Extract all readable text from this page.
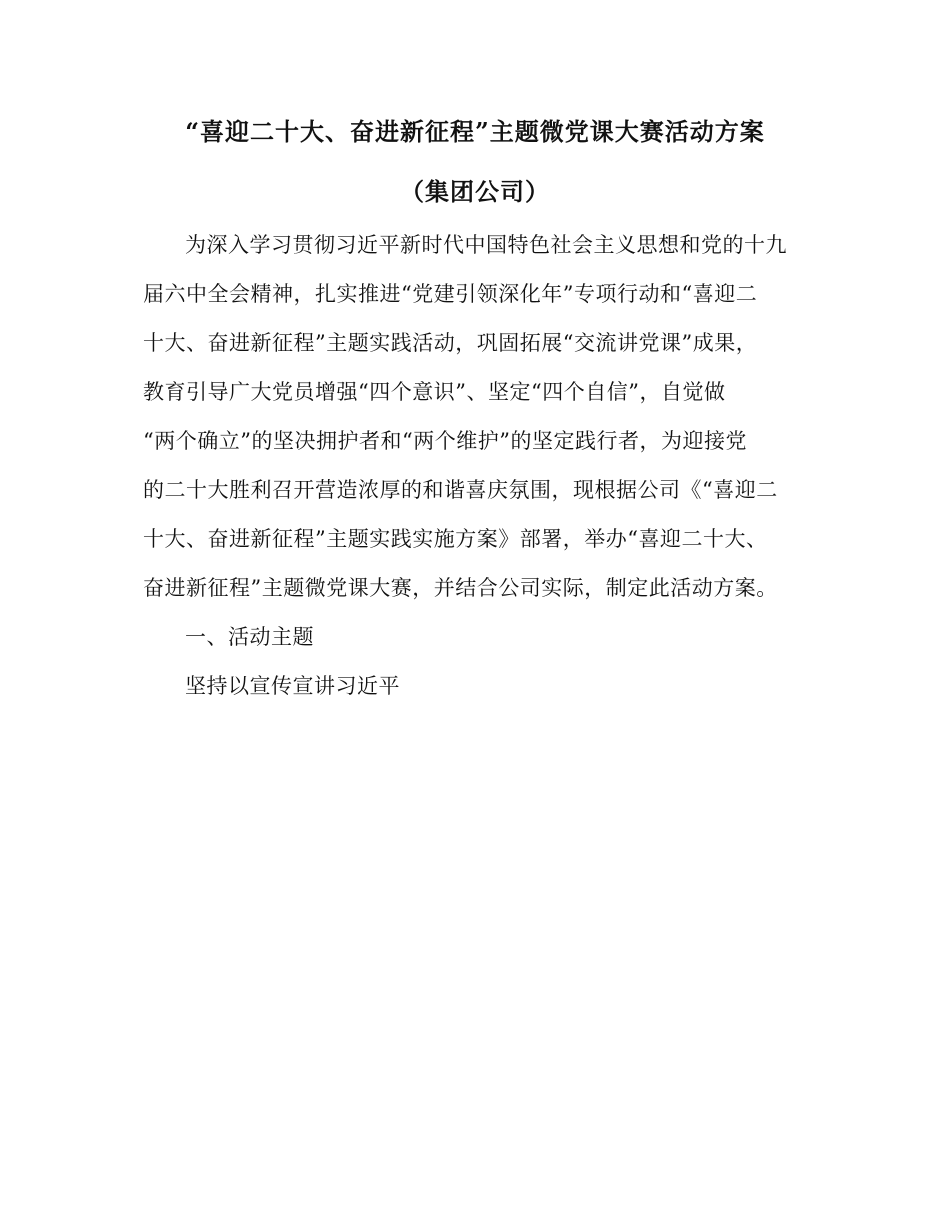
“喜迎二十大、奋进新征程”主题微党课大赛活动方案
（集团公司）
为深入学习贯彻习近平新时代中国特色社会主义思想和党的十九
届六中全会精神，扎实推进“党建引领深化年”专项行动和“喜迎二
十大、奋进新征程”主题实践活动，巩固拓展“交流讲党课”成果，
教育引导广大党员增强“四个意识”、坚定“四个自信”，自觉做
“两个确立”的坚决拥护者和“两个维护”的坚定践行者，为迎接党
的二十大胜利召开营造浓厚的和谐喜庆氛围，现根据公司《“喜迎二
十大、奋进新征程”主题实践实施方案》部署，举办“喜迎二十大、
奋进新征程”主题微党课大赛，并结合公司实际，制定此活动方案。
一、活动主题
坚持以宣传宣讲习近平
